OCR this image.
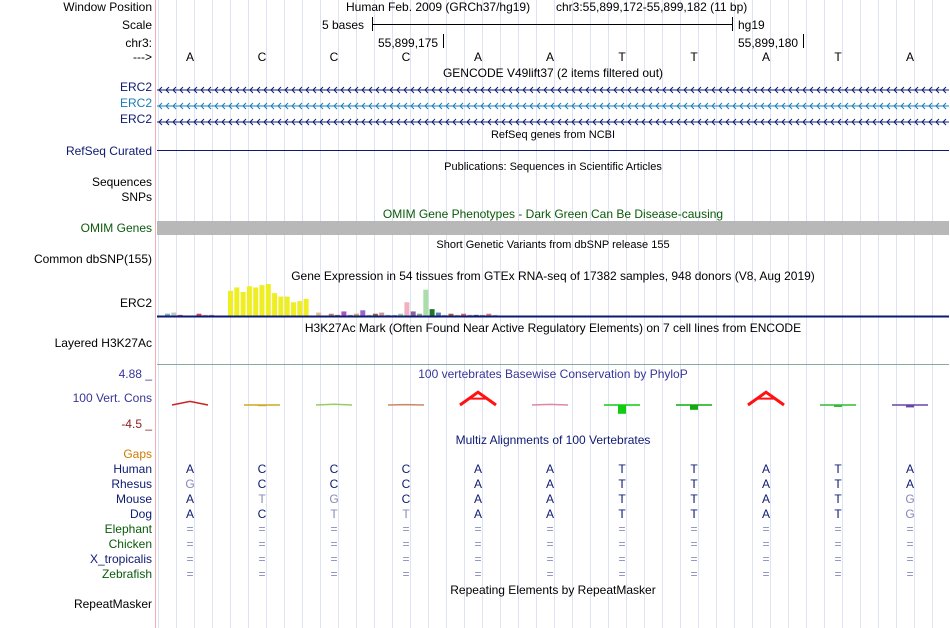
Window Position	Human Feb. 2009 (GRCh37/hg19) chr3:55,899,172-55,899,182 (11 bp)
Scale	5 bases	hg19
chr3:	55,899,175	55,899,180
--->	A	C	C	C	A	A	T	T	A	T	A
GENCODE V49lift37 (2 items filtered out)
ERC2
ERC2
ERC2
RefSeq genes from NCBI
RefSeq Curated
Publications: Sequences in Scientific Articles
Sequences
SNPs
OMIM Gene Phenotypes - Dark Green Can Be Disease-causing
OMIM Genes
Short Genetic Variants from dbSNP release 155
Common dbSNP(155)
Gene Expression in 54 tissues from GTEx RNA-seq of 17382 samples, 948 donors (V8, Aug 2019)
ERC2
H3K27Ac Mark (Often Found Near Active Regulatory Elements) on 7 cell lines from ENCODE
Layered H3K27Ac
100 vertebrates Basewise Conservation by PhyloP
100 Vert. Cons
4.88 _
-4.5 _
Multiz Alignments of 100 Vertebrates
Gaps
Human	A	C	C	C	A	A	T	T	A	T	A
Rhesus	G	C	C	C	A	A	T	T	A	T	A
Mouse	A	T	G	C	A	A	T	T	A	T	G
Dog	A	C	T	T	A	A	T	T	A	T	G
Elephant	=	=	=	=	=	=	=	=	=	=	=
Chicken	=	=	=	=	=	=	=	=	=	=	=
X_tropicalis	=	=	=	=	=	=	=	=	=	=	=
Zebrafish	=	=	=	=	=	=	=	=	=	=	=
Repeating Elements by RepeatMasker
RepeatMasker
